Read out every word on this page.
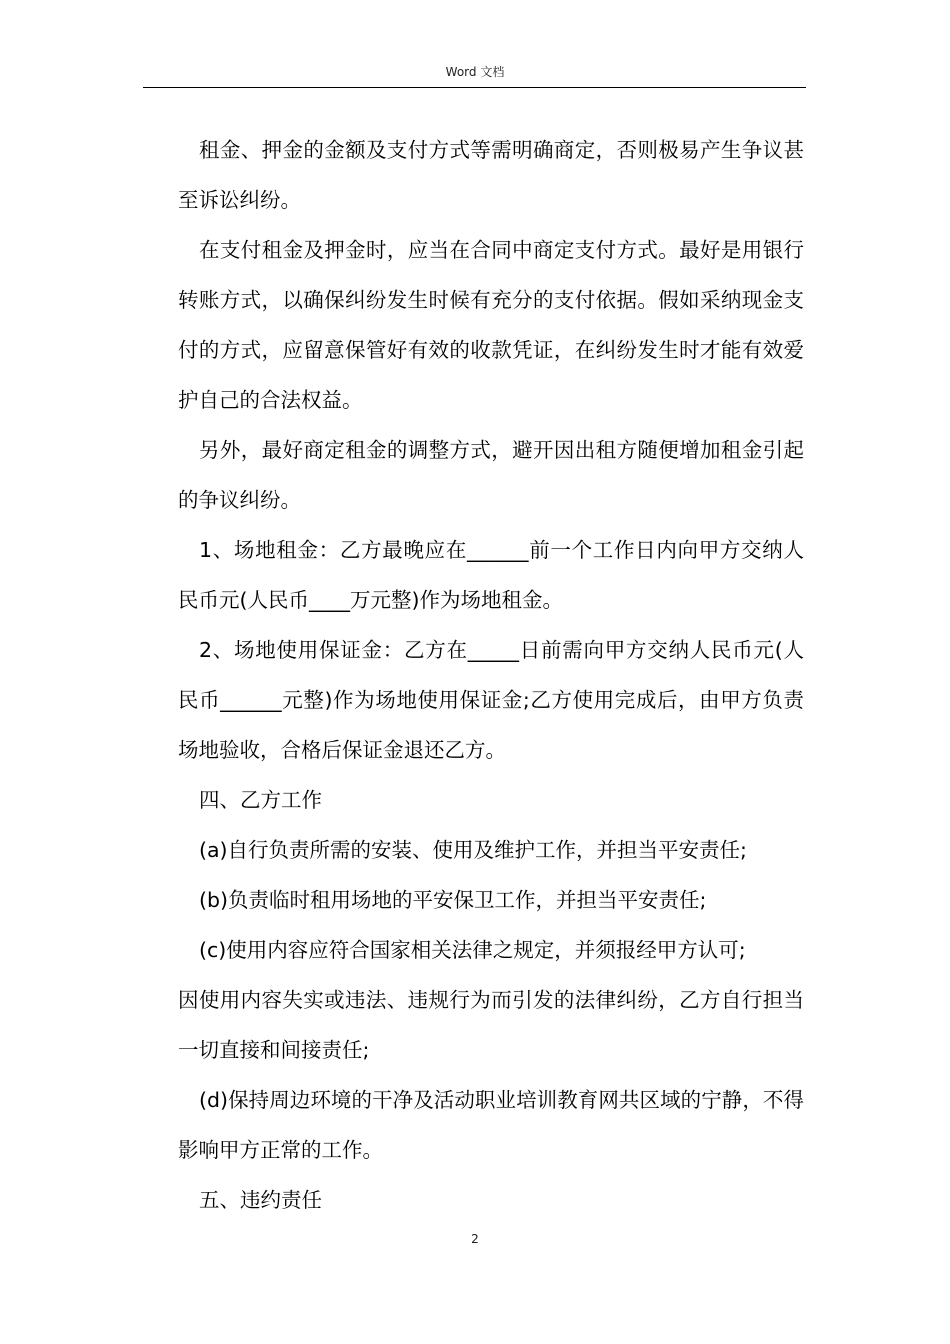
Word 文档

租金、押金的金额及支付方式等需明确商定，否则极易产生争议甚至诉讼纠纷。

在支付租金及押金时，应当在合同中商定支付方式。最好是用银行转账方式，以确保纠纷发生时候有充分的支付依据。假如采纳现金支付的方式，应留意保管好有效的收款凭证，在纠纷发生时才能有效爱护自己的合法权益。

另外，最好商定租金的调整方式，避开因出租方随便增加租金引起的争议纠纷。

1、场地租金：乙方最晚应在______前一个工作日内向甲方交纳人民币元(人民币____万元整)作为场地租金。

2、场地使用保证金：乙方在_____日前需向甲方交纳人民币元(人民币______元整)作为场地使用保证金;乙方使用完成后，由甲方负责场地验收，合格后保证金退还乙方。

四、乙方工作

(a)自行负责所需的安装、使用及维护工作，并担当平安责任;

(b)负责临时租用场地的平安保卫工作，并担当平安责任;

(c)使用内容应符合国家相关法律之规定，并须报经甲方认可;

因使用内容失实或违法、违规行为而引发的法律纠纷，乙方自行担当一切直接和间接责任;

(d)保持周边环境的干净及活动职业培训教育网共区域的宁静，不得影响甲方正常的工作。

五、违约责任

2
